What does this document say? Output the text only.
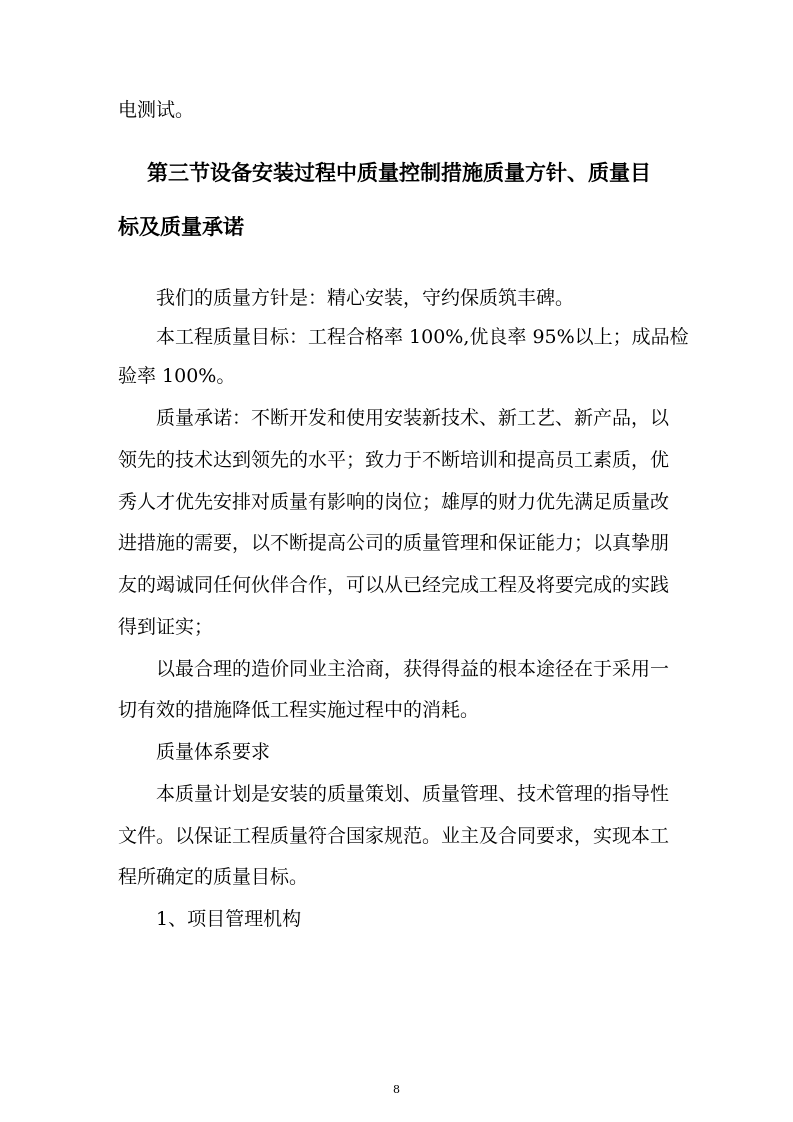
电测试。
第三节设备安装过程中质量控制措施质量方针、质量目
标及质量承诺
我们的质量方针是：精心安装，守约保质筑丰碑。
本工程质量目标：工程合格率 100%,优良率 95%以上；成品检
验率 100%。
质量承诺：不断开发和使用安装新技术、新工艺、新产品，以
领先的技术达到领先的水平；致力于不断培训和提高员工素质，优
秀人才优先安排对质量有影响的岗位；雄厚的财力优先满足质量改
进措施的需要，以不断提高公司的质量管理和保证能力；以真挚朋
友的竭诚同任何伙伴合作，可以从已经完成工程及将要完成的实践
得到证实；
以最合理的造价同业主洽商，获得得益的根本途径在于采用一
切有效的措施降低工程实施过程中的消耗。
质量体系要求
本质量计划是安装的质量策划、质量管理、技术管理的指导性
文件。以保证工程质量符合国家规范。业主及合同要求，实现本工
程所确定的质量目标。
1、项目管理机构
8
